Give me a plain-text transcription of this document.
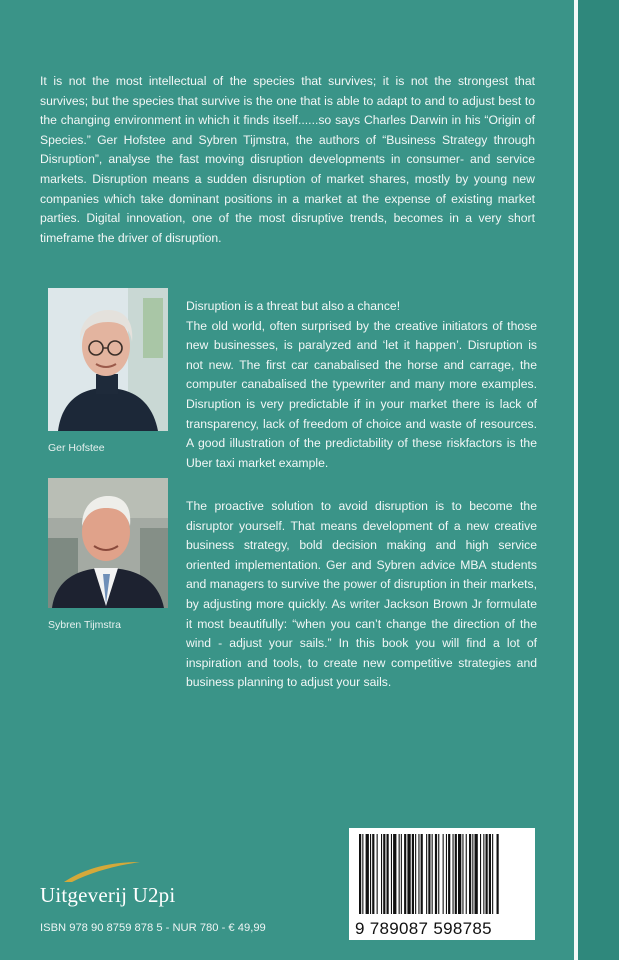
It is not the most intellectual of the species that survives; it is not the strongest that survives; but the species that survive is the one that is able to adapt to and to adjust best to the changing environment in which it finds itself......so says Charles Darwin in his “Origin of Species.” Ger Hofstee and Sybren Tijmstra, the authors of “Business Strategy through Disruption”, analyse the fast moving disruption developments in consumer- and service markets. Disruption means a sudden disruption of market shares, mostly by young new companies which take dominant positions in a market at the expense of existing market parties. Digital innovation, one of the most disruptive trends, becomes in a very short timeframe the driver of disruption.

Ger Hofstee
Disruption is a threat but also a chance!
The old world, often surprised by the creative initiators of those new businesses, is paralyzed and ‘let it happen’. Disruption is not new. The first car canabalised the horse and carrage, the computer canabalised the typewriter and many more examples. Disruption is very predictable if in your market there is lack of transparency, lack of freedom of choice and waste of resources. A good illustration of the predictability of these riskfactors is the Uber taxi market example.
Sybren Tijmstra

The proactive solution to avoid disruption is to become the disruptor yourself. That means development of a new creative business strategy, bold decision making and high service oriented implementation. Ger and Sybren advice MBA students and managers to survive the power of disruption in their markets, by adjusting more quickly. As writer Jackson Brown Jr formulate it most beautifully: “when you can’t change the direction of the wind - adjust your sails.” In this book you will find a lot of inspiration and tools, to create new competitive strategies and business planning to adjust your sails.

Uitgeverij U2pi
ISBN 978 90 8759 878 5 - NUR 780 - € 49,99	9 789087 598785
